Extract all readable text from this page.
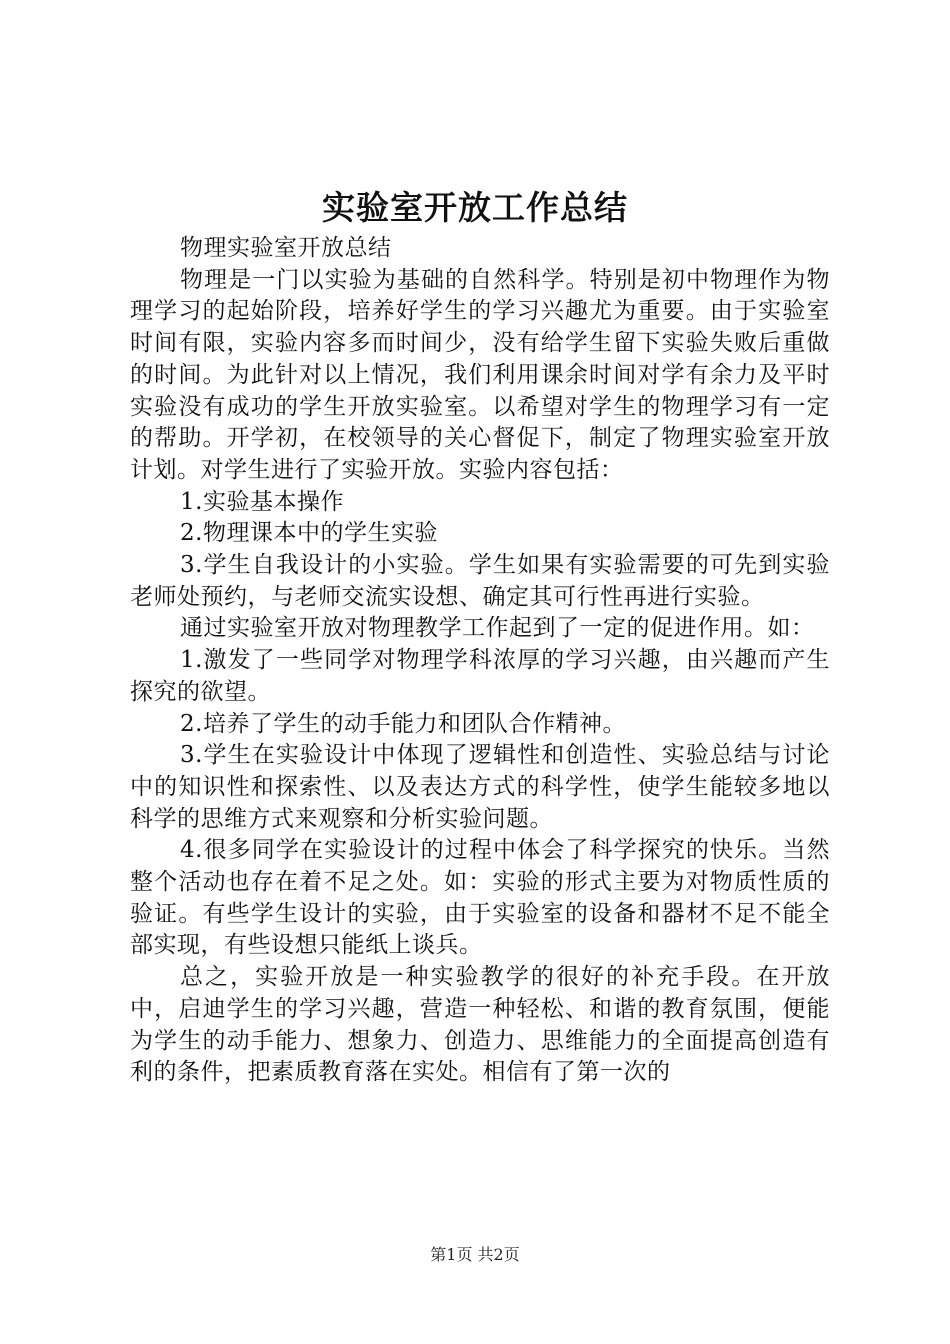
实验室开放工作总结

物理实验室开放总结

物理是一门以实验为基础的自然科学。特别是初中物理作为物理学习的起始阶段，培养好学生的学习兴趣尤为重要。由于实验室时间有限，实验内容多而时间少，没有给学生留下实验失败后重做的时间。为此针对以上情况，我们利用课余时间对学有余力及平时实验没有成功的学生开放实验室。以希望对学生的物理学习有一定的帮助。开学初，在校领导的关心督促下，制定了物理实验室开放计划。对学生进行了实验开放。实验内容包括：

1.实验基本操作

2.物理课本中的学生实验

3.学生自我设计的小实验。学生如果有实验需要的可先到实验老师处预约，与老师交流实设想、确定其可行性再进行实验。

通过实验室开放对物理教学工作起到了一定的促进作用。如：

1.激发了一些同学对物理学科浓厚的学习兴趣，由兴趣而产生探究的欲望。

2.培养了学生的动手能力和团队合作精神。

3.学生在实验设计中体现了逻辑性和创造性、实验总结与讨论中的知识性和探索性、以及表达方式的科学性，使学生能较多地以科学的思维方式来观察和分析实验问题。

4.很多同学在实验设计的过程中体会了科学探究的快乐。当然整个活动也存在着不足之处。如：实验的形式主要为对物质性质的验证。有些学生设计的实验，由于实验室的设备和器材不足不能全部实现，有些设想只能纸上谈兵。

总之，实验开放是一种实验教学的很好的补充手段。在开放中，启迪学生的学习兴趣，营造一种轻松、和谐的教育氛围，便能为学生的动手能力、想象力、创造力、思维能力的全面提高创造有利的条件，把素质教育落在实处。相信有了第一次的

第1页 共2页
